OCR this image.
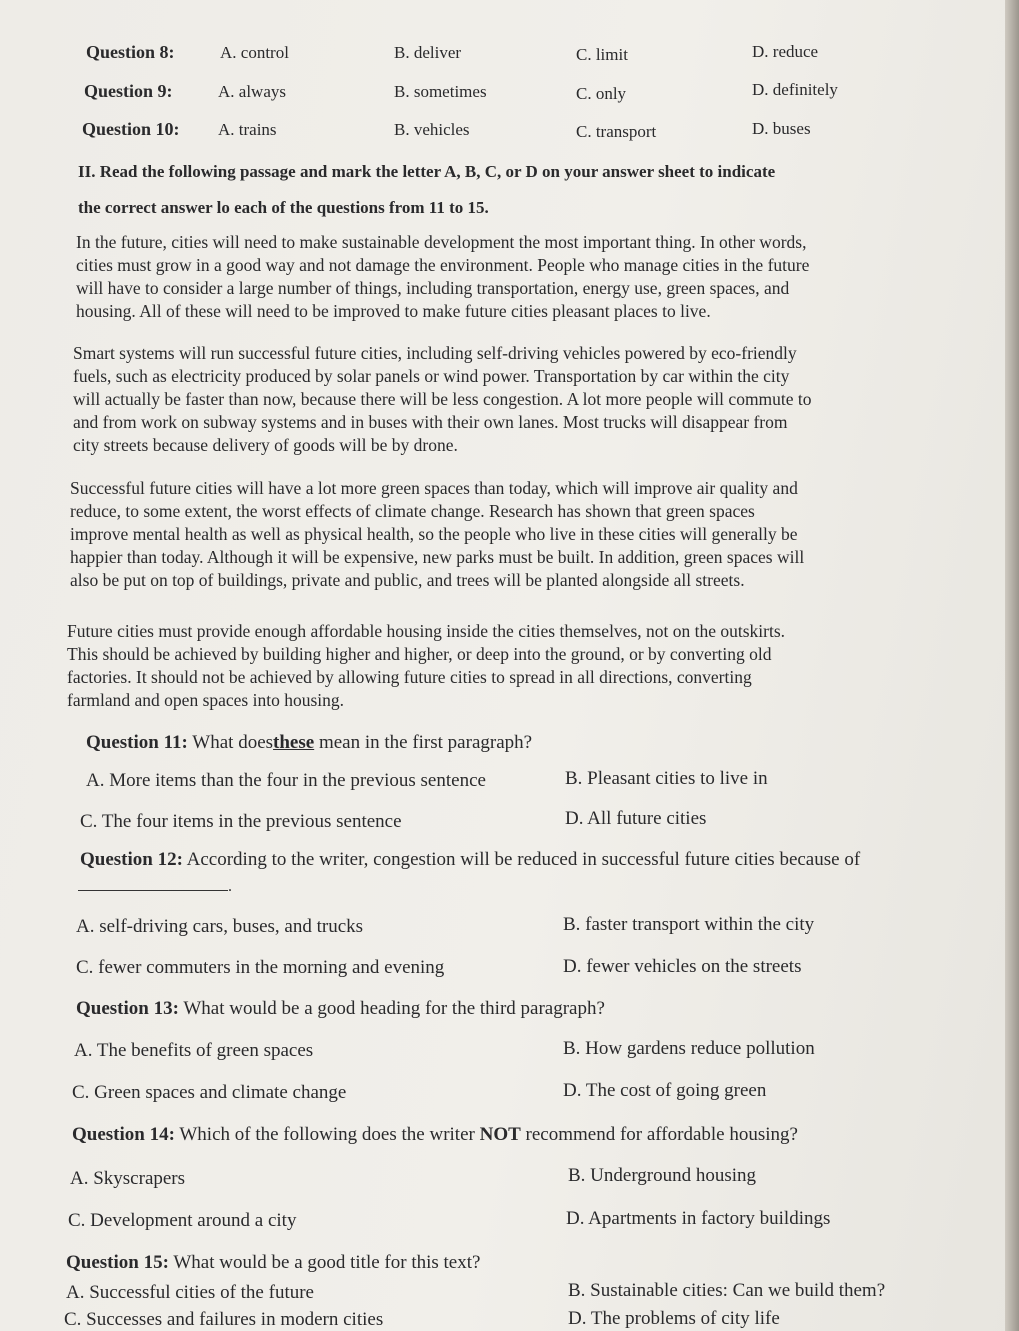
Question 8:	A. control	B. deliver	C. limit	D. reduce
Question 9:	A. always	B. sometimes	C. only	D. definitely
Question 10: A. trains	B. vehicles	C. transport	D. buses
II. Read the following passage and mark the letter A, B, C, or D on your answer sheet to indicate
the correct answer lo each of the questions from 11 to 15.

In the future, cities will need to make sustainable development the most important thing. In other words,

cities must grow in a good way and not damage the environment. People who manage cities in the future

will have to consider a large number of things, including transportation, energy use, green spaces, and

housing. All of these will need to be improved to make future cities pleasant places to live.

Smart systems will run successful future cities, including self-driving vehicles powered by eco-friendly

fuels, such as electricity produced by solar panels or wind power. Transportation by car within the city

will actually be faster than now, because there will be less congestion. A lot more people will commute to

and from work on subway systems and in buses with their own lanes. Most trucks will disappear from

city streets because delivery of goods will be by drone.

Successful future cities will have a lot more green spaces than today, which will improve air quality and

reduce, to some extent, the worst effects of climate change. Research has shown that green spaces

improve mental health as well as physical health, so the people who live in these cities will generally be

happier than today. Although it will be expensive, new parks must be built. In addition, green spaces will

also be put on top of buildings, private and public, and trees will be planted alongside all streets.

Future cities must provide enough affordable housing inside the cities themselves, not on the outskirts.

This should be achieved by building higher and higher, or deep into the ground, or by converting old

factories. It should not be achieved by allowing future cities to spread in all directions, converting

farmland and open spaces into housing.

Question 11: What doesthese mean in the first paragraph?
A. More items than the four in the previous sentence	B. Pleasant cities to live in
C. The four items in the previous sentence	D. All future cities
Question 12: According to the writer, congestion will be reduced in successful future cities because of
.
A. self-driving cars, buses, and trucks	B. faster transport within the city
C. fewer commuters in the morning and evening	D. fewer vehicles on the streets
Question 13: What would be a good heading for the third paragraph?
A. The benefits of green spaces	B. How gardens reduce pollution
C. Green spaces and climate change	D. The cost of going green
Question 14: Which of the following does the writer NOT recommend for affordable housing?
A. Skyscrapers	B. Underground housing
C. Development around a city	D. Apartments in factory buildings
Question 15: What would be a good title for this text?
A. Successful cities of the future	B. Sustainable cities: Can we build them?
C. Successes and failures in modern cities	D. The problems of city life
